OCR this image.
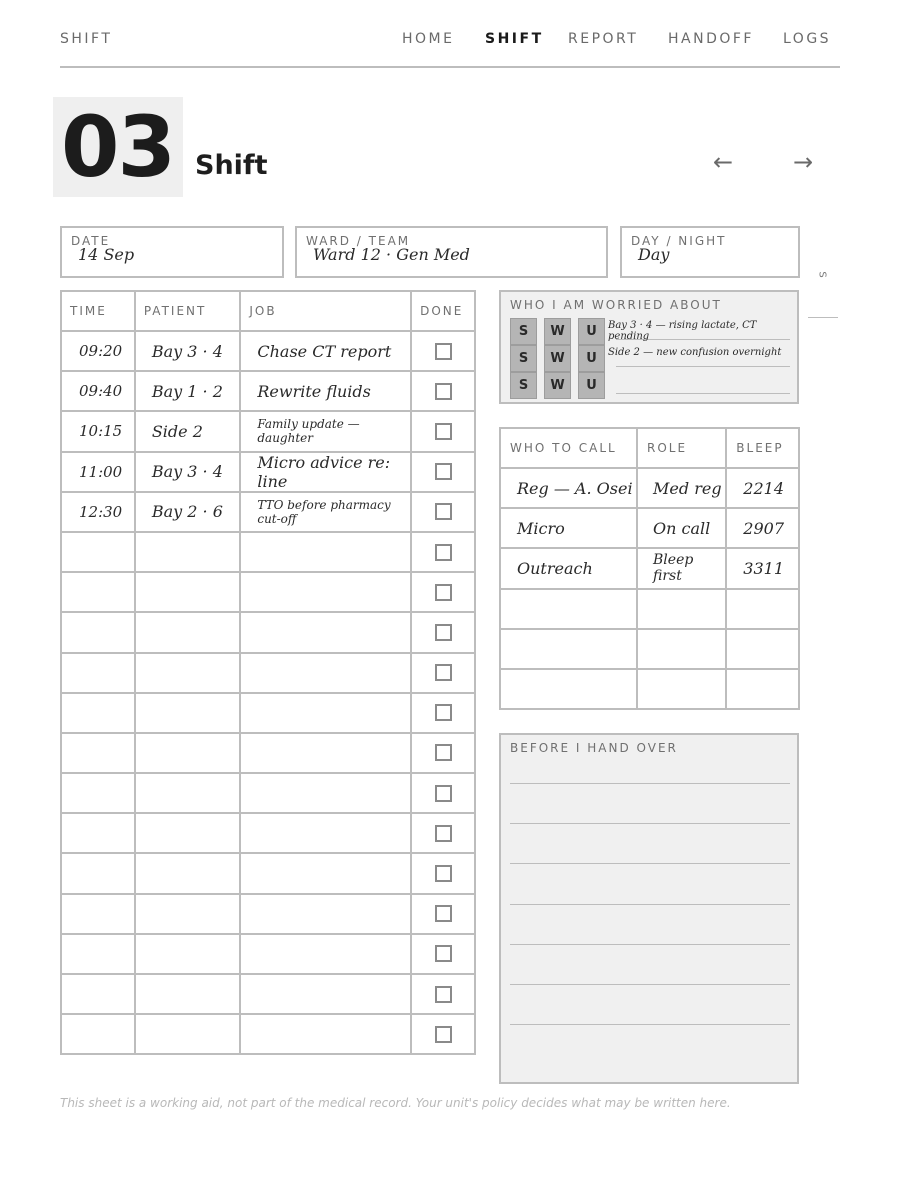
SHIFT	HOME SHIFT REPORT HANDOFF LOGS
03 Shift	← →
DATE
14 Sep
WARD / TEAM
Ward 12 · Gen Med
DAY / NIGHT
Day
S
TIME	PATIENT	JOB	DONE
09:20	Bay 3 · 4	Chase CT report	

09:40	Bay 1 · 2	Rewrite fluids	

10:15	Side 2	Family update — daughter	

11:00	Bay 3 · 4	Micro advice re: line	

12:30	Bay 2 · 6	TTO before pharmacy cut-off	

WHO I AM WORRIED ABOUT
S	W	U	Bay 3 · 4 — rising lactate, CT pending
S	W	U	Side 2 — new confusion overnight
S	W	U
WHO TO CALL	ROLE	BLEEP
Reg — A. Osei	Med reg	2214
Micro	On call	2907
Outreach	Bleep first	3311

BEFORE I HAND OVER
This sheet is a working aid, not part of the medical record. Your unit's policy decides what may be written here.
